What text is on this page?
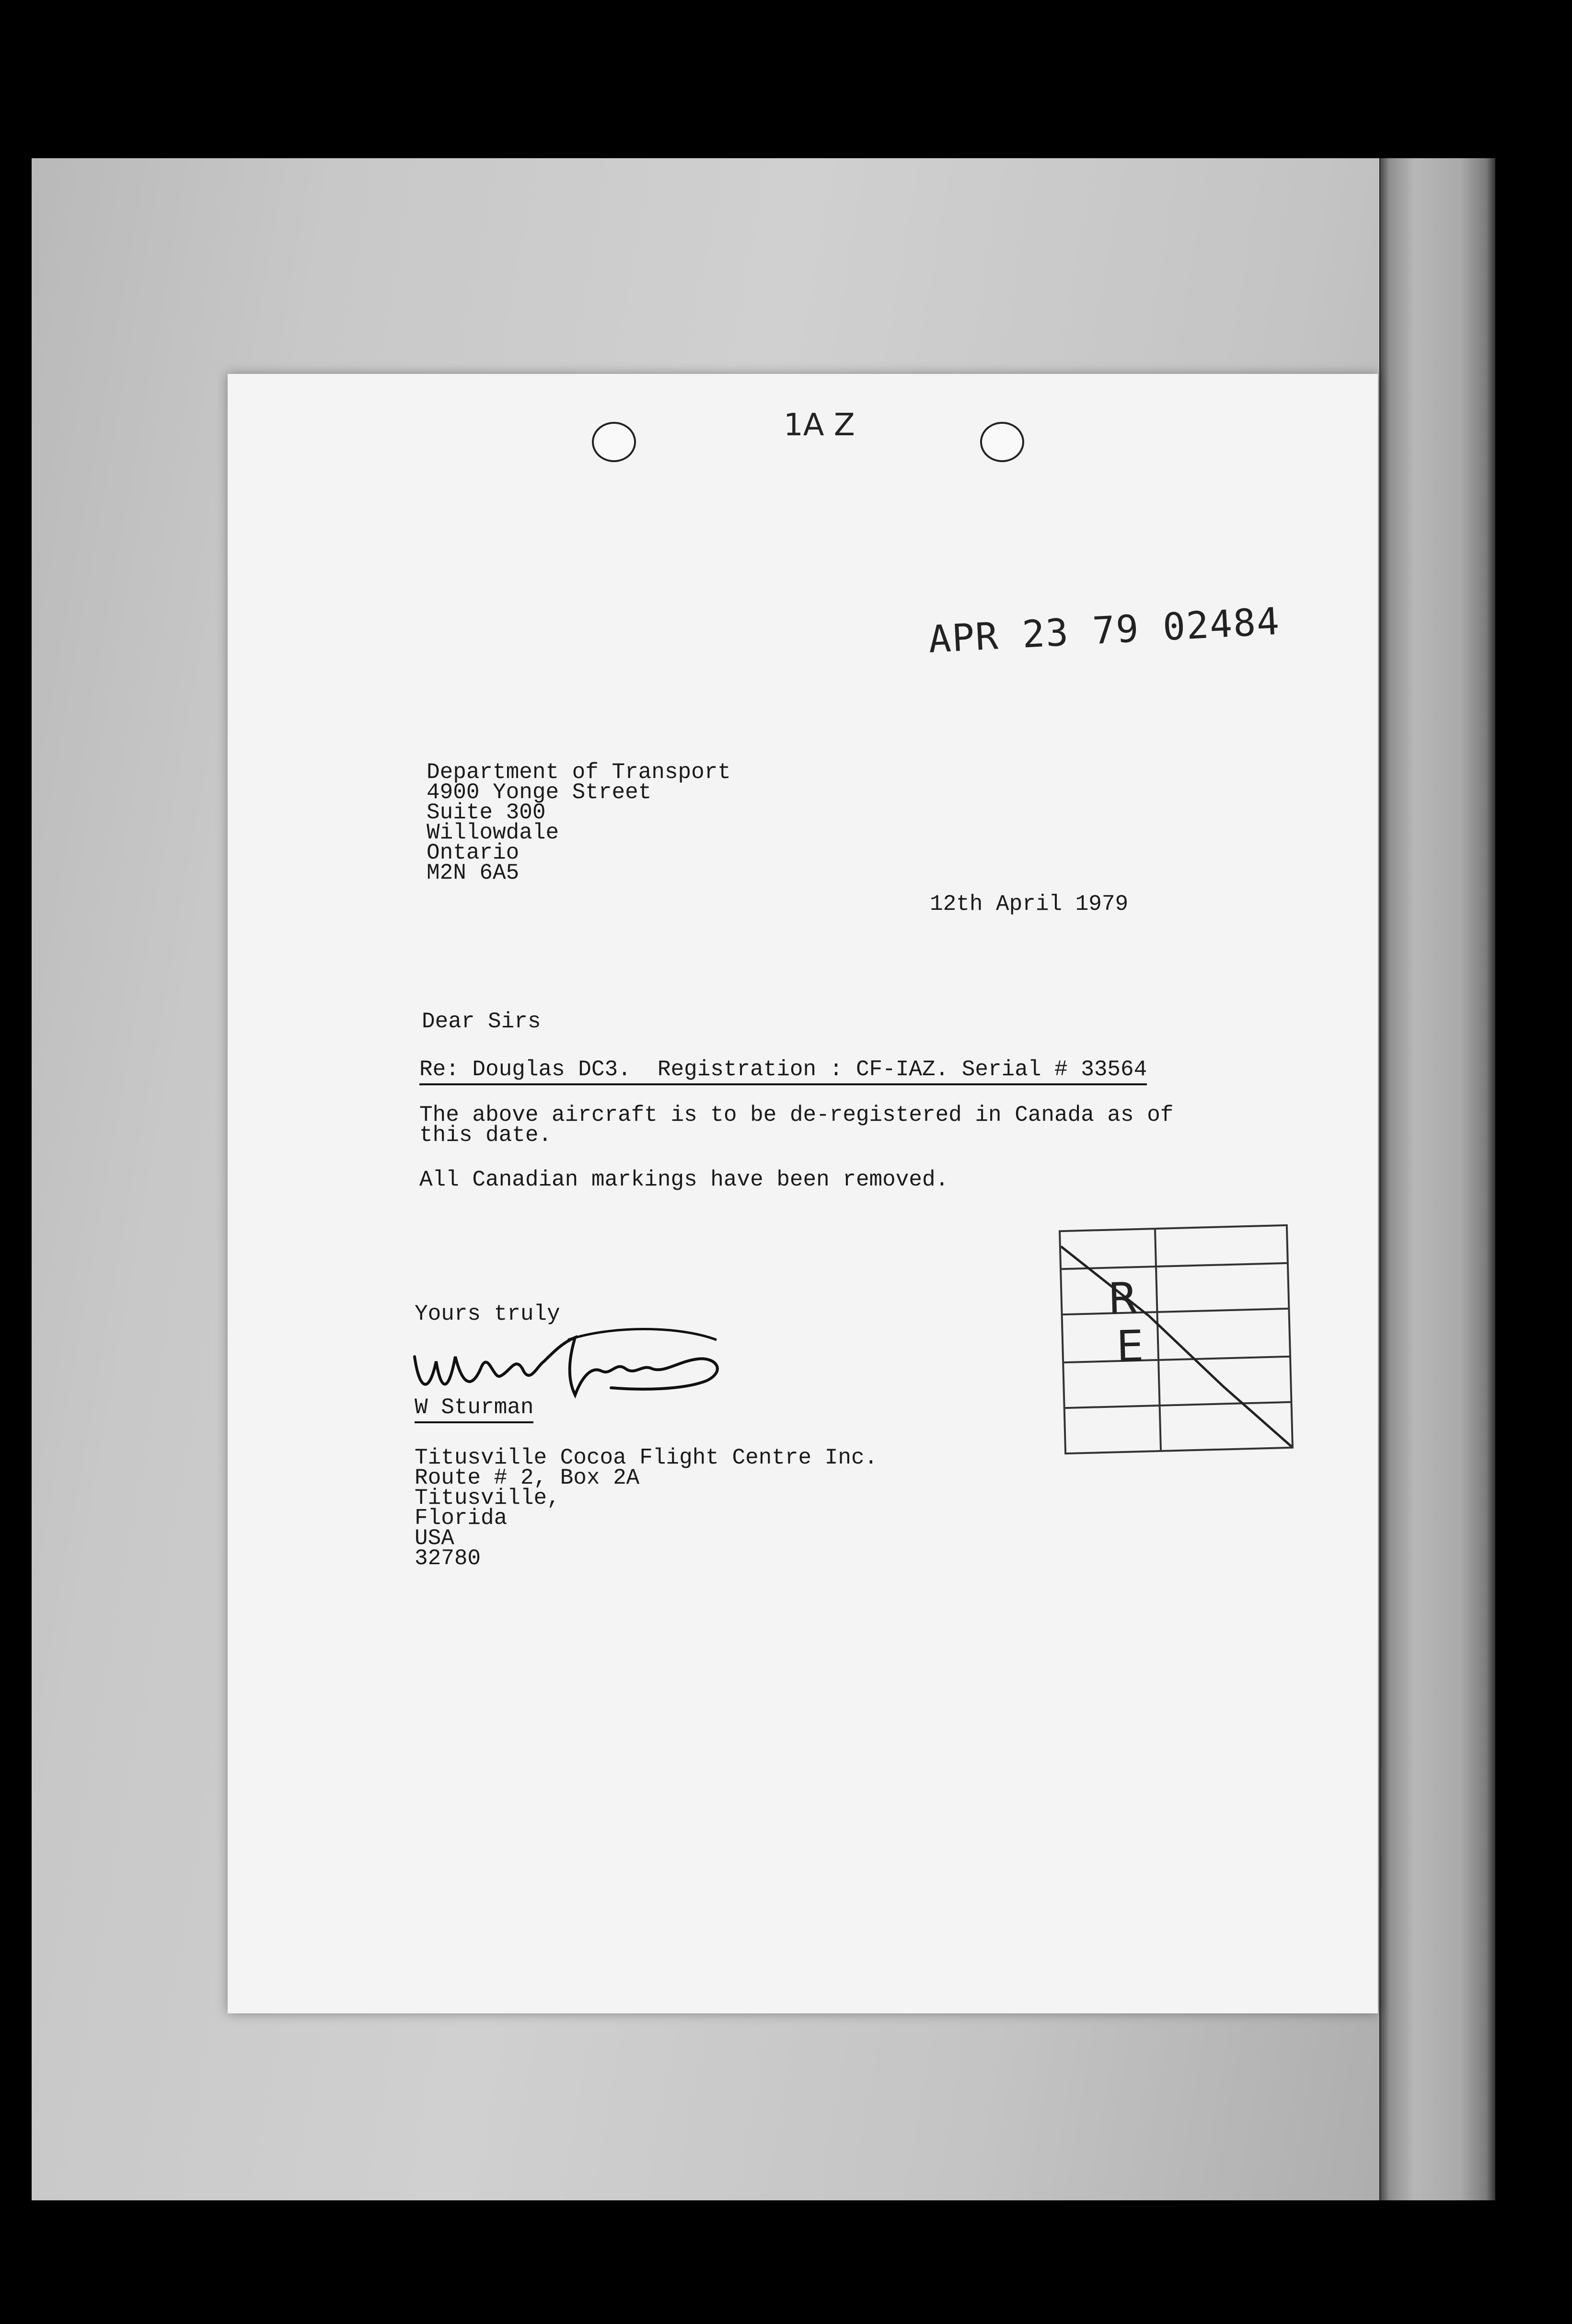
1A Z
APR 23 79 02484
Department of Transport
4900 Yonge Street
Suite 300
Willowdale
Ontario
M2N 6A5
12th April 1979
Dear Sirs
Re: Douglas DC3.  Registration : CF-IAZ. Serial # 33564
The above aircraft is to be de-registered in Canada as of
this date.
All Canadian markings have been removed.
Yours truly
W Sturman
Titusville Cocoa Flight Centre Inc.
Route # 2, Box 2A
Titusville,
Florida
USA
32780
R
E
